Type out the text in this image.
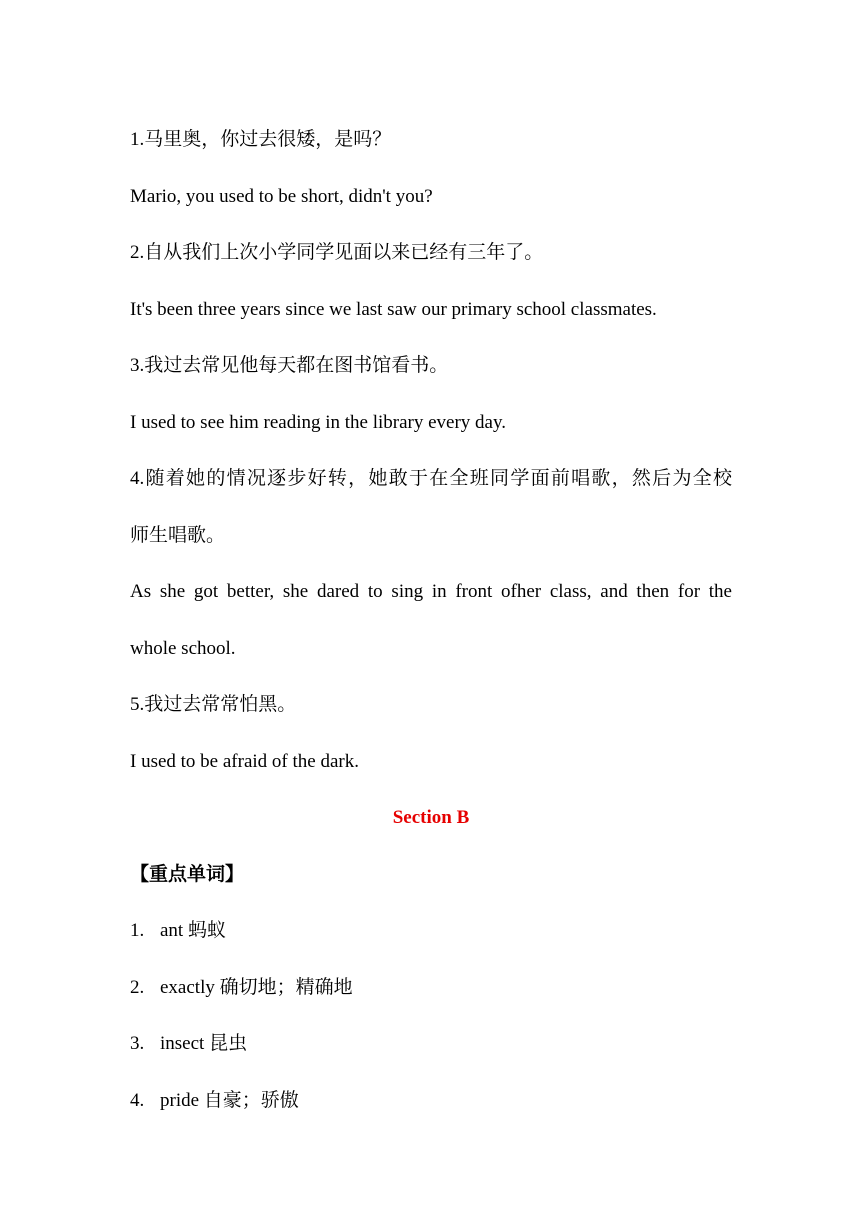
1.马里奥，你过去很矮，是吗？
Mario, you used to be short, didn't you?
2.自从我们上次小学同学见面以来已经有三年了。
It's been three years since we last saw our primary school classmates.
3.我过去常见他每天都在图书馆看书。
I used to see him reading in the library every day.
4.随着她的情况逐步好转，她敢于在全班同学面前唱歌，然后为全校
师生唱歌。
As she got better, she dared to sing in front ofher class, and then for the
whole school.
5.我过去常常怕黑。
I used to be afraid of the dark.
Section B
【重点单词】
1. ant 蚂蚁
2. exactly 确切地；精确地
3. insect 昆虫
4. pride 自豪；骄傲
